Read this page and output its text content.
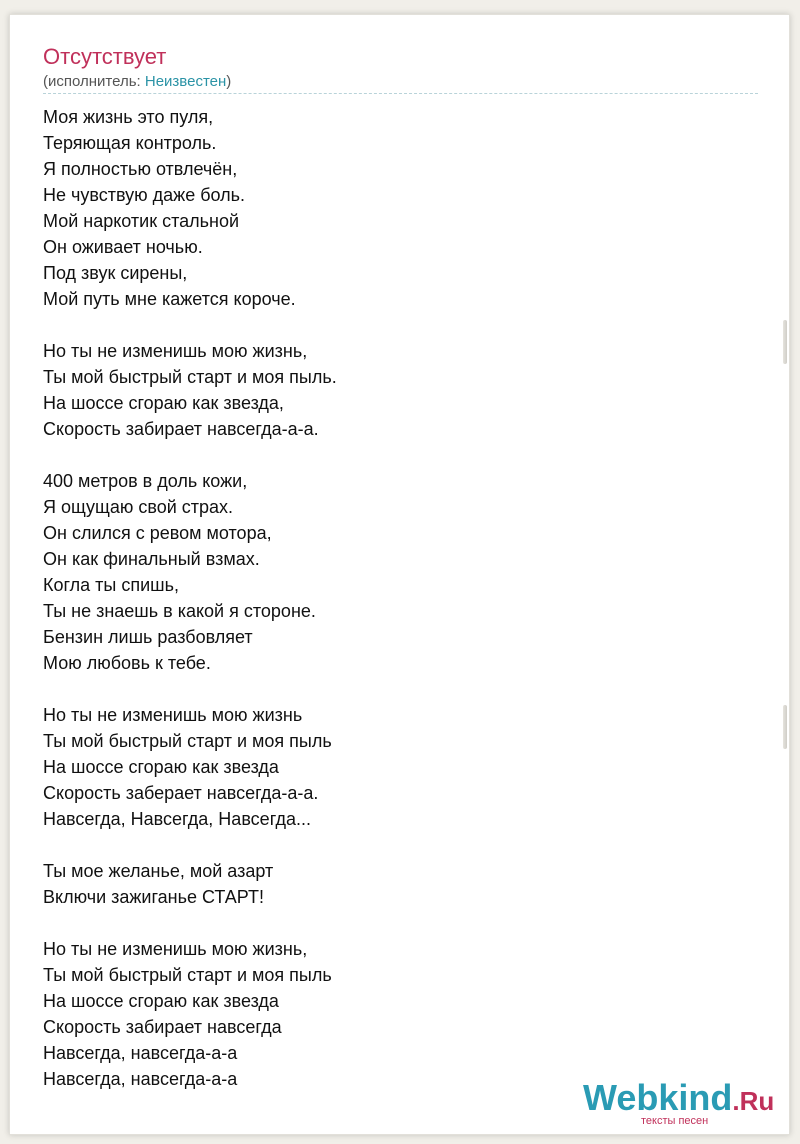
Отсутствует
(исполнитель: Неизвестен)
Моя жизнь это пуля,
Теряющая контроль.
Я полностью отвлечён,
Не чувствую даже боль.
Мой наркотик стальной
Он оживает ночью.
Под звук сирены,
Мой путь мне кажется короче.
Но ты не изменишь мою жизнь,
Ты мой быстрый старт и моя пыль.
На шоссе сгораю как звезда,
Скорость забирает навсегда-а-а.
400 метров в доль кожи,
Я ощущаю свой страх.
Он слился с ревом мотора,
Он как финальный взмах.
Когла ты спишь,
Ты не знаешь в какой я стороне.
Бензин лишь разбовляет
Мою любовь к тебе.
Но ты не изменишь мою жизнь
Ты мой быстрый старт и моя пыль
На шоссе сгораю как звезда
Скорость заберает навсегда-а-а.
Навсегда, Навсегда, Навсегда...
Ты мое желанье, мой азарт
Включи зажиганье СТАРТ!
Но ты не изменишь мою жизнь,
Ты мой быстрый старт и моя пыль
На шоссе сгораю как звезда
Скорость забирает навсегда
Навсегда, навсегда-а-а
Навсегда, навсегда-а-а	Webkind.Ru
тексты песен
